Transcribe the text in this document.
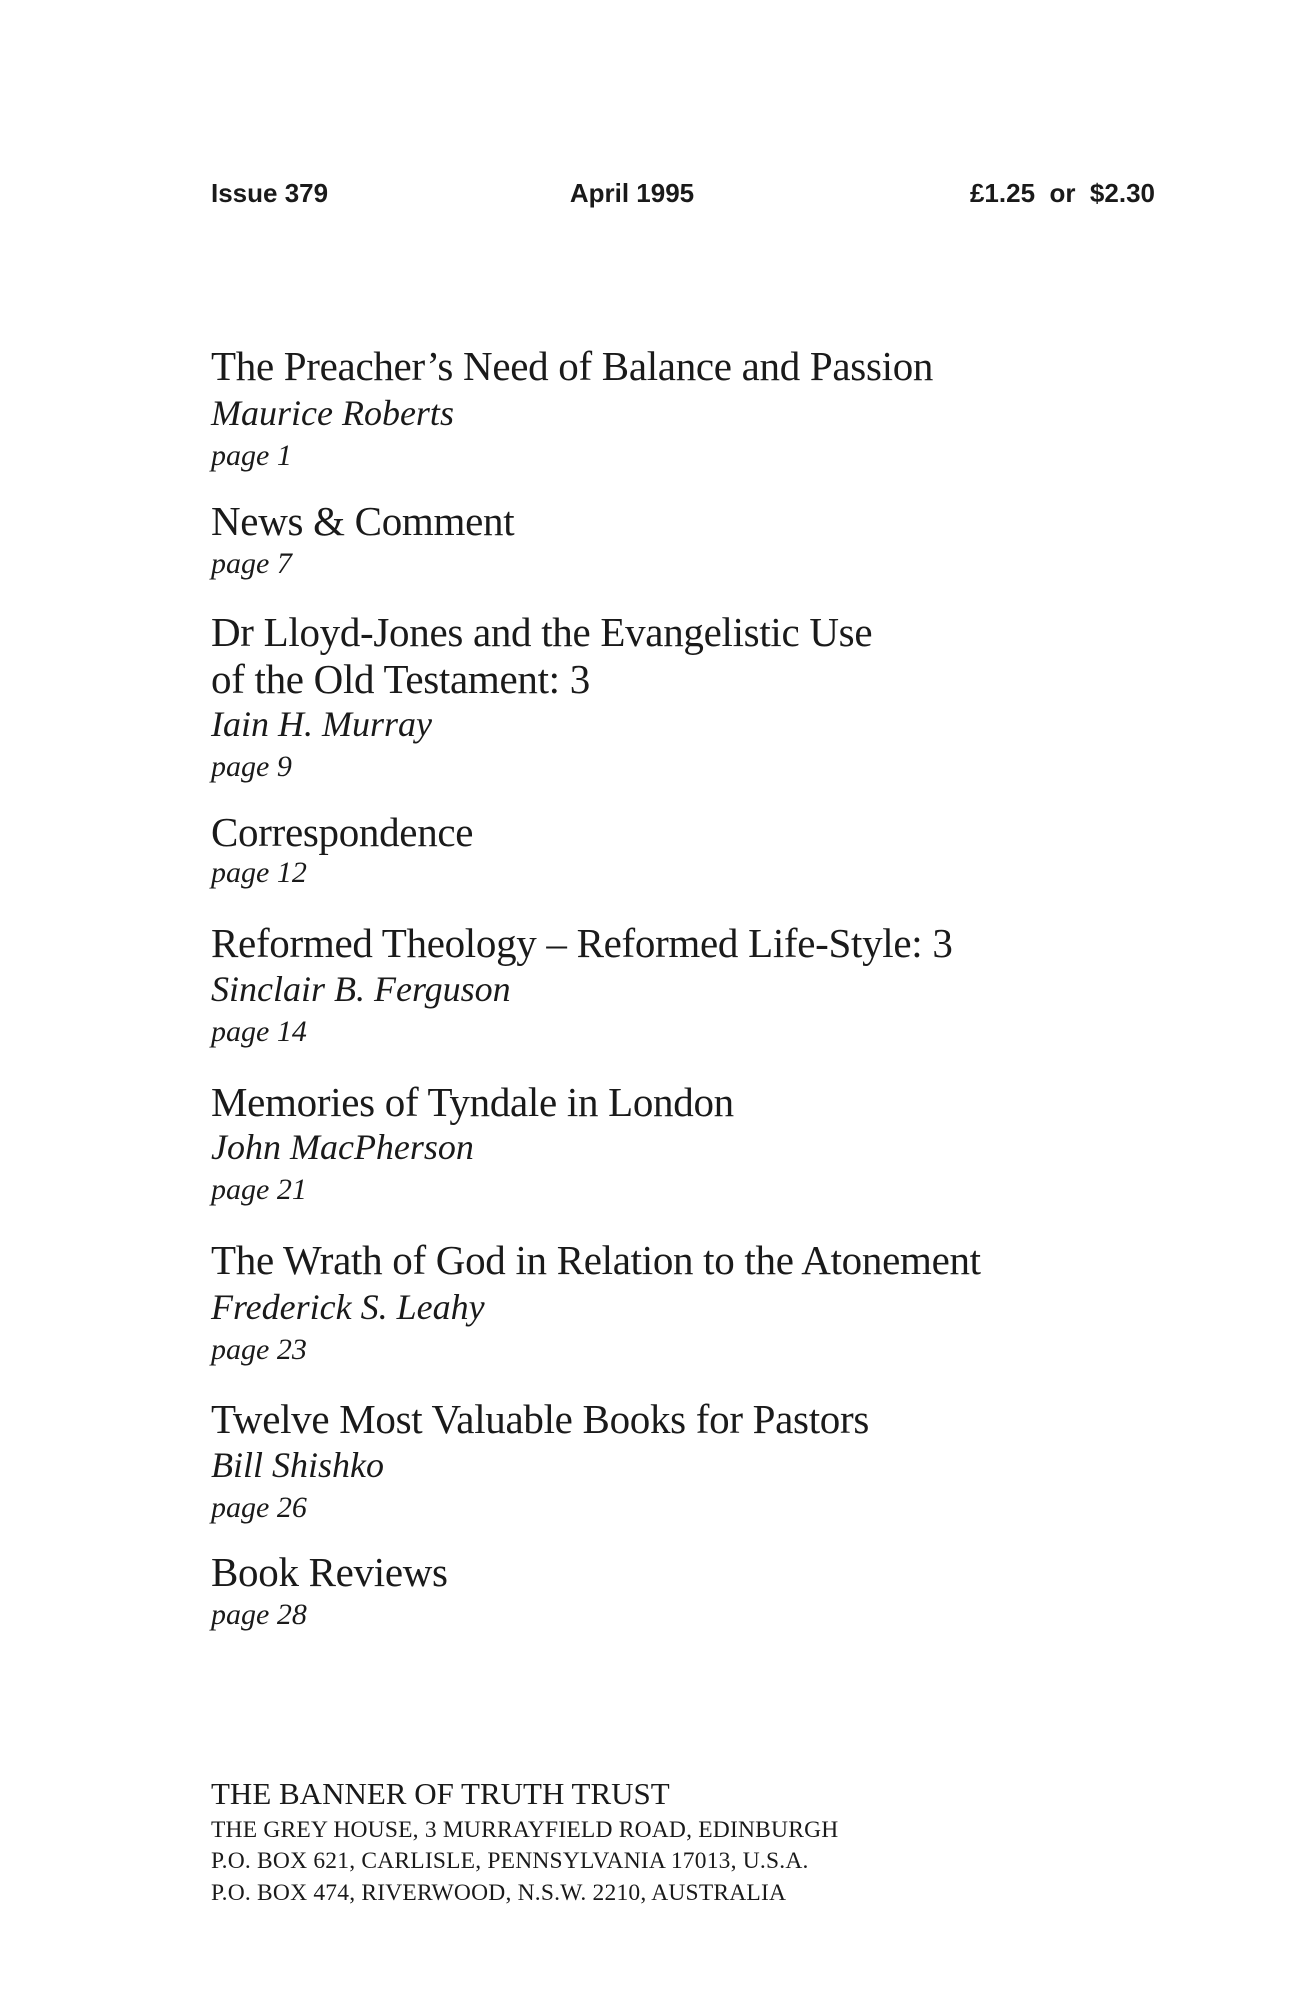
Issue 379	April 1995	£1.25  or  $2.30
The Preacher’s Need of Balance and Passion
Maurice Roberts
page 1
News & Comment
page 7
Dr Lloyd-Jones and the Evangelistic Use
of the Old Testament: 3
Iain H. Murray
page 9
Correspondence
page 12
Reformed Theology – Reformed Life-Style: 3
Sinclair B. Ferguson
page 14
Memories of Tyndale in London
John MacPherson
page 21
The Wrath of God in Relation to the Atonement
Frederick S. Leahy
page 23
Twelve Most Valuable Books for Pastors
Bill Shishko
page 26
Book Reviews
page 28
THE BANNER OF TRUTH TRUST
THE GREY HOUSE, 3 MURRAYFIELD ROAD, EDINBURGH
P.O. BOX 621, CARLISLE, PENNSYLVANIA 17013, U.S.A.
P.O. BOX 474, RIVERWOOD, N.S.W. 2210, AUSTRALIA
